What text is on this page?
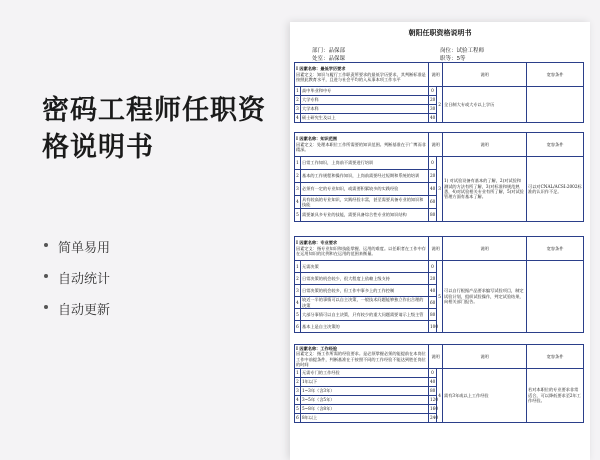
密码工程师任职资格说明书
简单易用
自动统计
自动更新
朝阳任职资格说明书
部门：品保部	岗位：试验工程师
处室：品保课	职等：5等
I 因素名称：最低学历要求
因素定义：知识与履行工作职责所要求的最低学历要求，其判断标准是按照此教育水平，且进与社会平均的入从事本项工作水平		说明		说明	宽容条件
1	高中毕业和中专	0	2	全日制大专或大专以上学历	
2	大学专科	20			
3	大学本科	30			
4	硕士研究生及以上	40			
I 因素名称：知识范围
因素定义：处理本职位工作所需要的知识范围。判断基准在于广博而非精深。		说明		说明	宽容条件
1	日常工作知识，上岗前不需要进行培训	0	3	1) 对试验设备有基本的了解，2)对试验和测试的方法有所了解，3)对标准和规范熟悉，4)对试验相关专业有所了解，5)对试验管理方面有基本了解。	可以对CNAL/ACSI:2002标准的认识作不足。
2	基本的工作规程和操作知识，上岗前需要经过短期和系统的培训	20			
3	必须有一定的专业知识，或需要积累较多的实践经验	40			
4	具有较高的专业知识，实践经验丰富，甚至需要具备专业的知识和技能	60			
5	需要兼具多专业的技能，需要具备综合性专业的知识结构	80			
I 因素名称：专业要求
因素定义：指专业知识和技能掌握、运用的难度。以任职者在工作中存在运用知识的比例和在运用的范围来衡量。		说明		说明	宽容条件
1	无需决策	0	5	可以自行根据产品要求编写试验项目，制定试验计划，组织试验操作，判定试验结果，向相关部门报告。	
2	日常决策的机会较少，很大程度上依赖上级支持	20			
3	日常决策的机会较多，但工作中事多上的工作控制	40			
4	较近一半的事情可以自主决策，一般技术问题能够独立作出合理的决策	60			
5	大部分事情可以自主决策，只有较少的重大问题需要请示上级主管	80			
6	基本上是自主决策的	100			
I 因素名称：工作经验
因素定义：指工作所需的经验要求。是必须掌握必须的能提前在本岗位工作中前提条件，判断基准在于按照不同的工作经验不能达到胜任岗位的时间		说明		说明	宽容条件
1	无需专门的工作经验	0	4	需有3年或以上工作经验	若对本职位的专业要求非常适合，可以降低要求至2年工作经验。
2	1年以下	40			
3	1~3年（含3年）	80			
4	3~5年（含5年）	120			
5	5~8年（含8年）	160			
6	8年以上	240			
